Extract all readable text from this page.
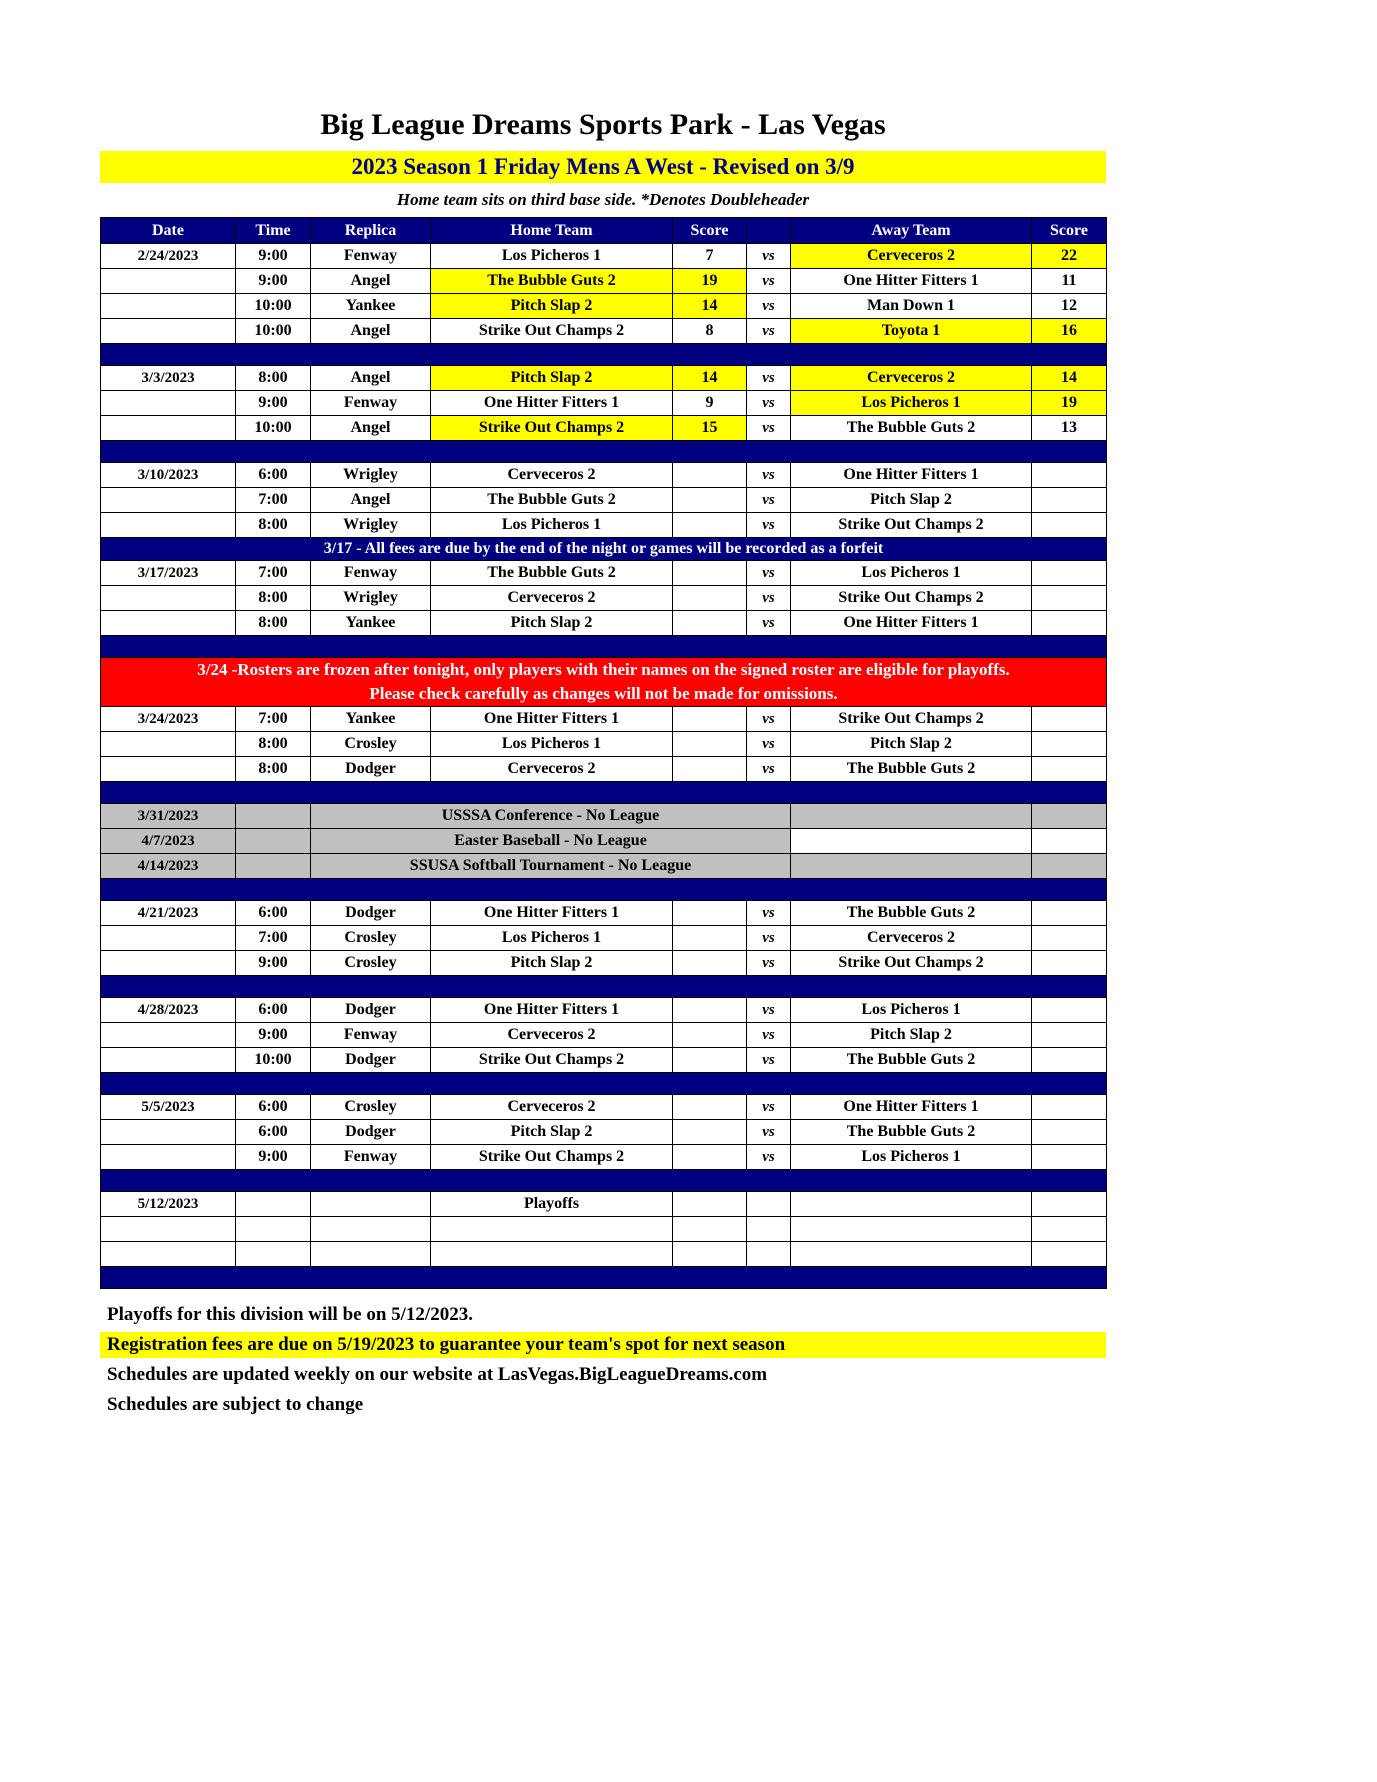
Big League Dreams Sports Park - Las Vegas
2023 Season 1 Friday Mens A West - Revised on 3/9
Home team sits on third base side. *Denotes Doubleheader
Date	Time	Replica	Home Team	Score		Away Team	Score
2/24/2023	9:00	Fenway	Los Picheros 1	7	vs	Cerveceros 2	22
	9:00	Angel	The Bubble Guts 2	19	vs	One Hitter Fitters 1	11
	10:00	Yankee	Pitch Slap 2	14	vs	Man Down 1	12
	10:00	Angel	Strike Out Champs 2	8	vs	Toyota 1	16

3/3/2023	8:00	Angel	Pitch Slap 2	14	vs	Cerveceros 2	14
	9:00	Fenway	One Hitter Fitters 1	9	vs	Los Picheros 1	19
	10:00	Angel	Strike Out Champs 2	15	vs	The Bubble Guts 2	13

3/10/2023	6:00	Wrigley	Cerveceros 2		vs	One Hitter Fitters 1	
	7:00	Angel	The Bubble Guts 2		vs	Pitch Slap 2	
	8:00	Wrigley	Los Picheros 1		vs	Strike Out Champs 2	
3/17 - All fees are due by the end of the night or games will be recorded as a forfeit							
3/17/2023	7:00	Fenway	The Bubble Guts 2		vs	Los Picheros 1	
	8:00	Wrigley	Cerveceros 2		vs	Strike Out Champs 2	
	8:00	Yankee	Pitch Slap 2		vs	One Hitter Fitters 1	

3/24 -Rosters are frozen after tonight, only players with their names on the signed roster are eligible for playoffs.
Please check carefully as changes will not be made for omissions.							

3/24/2023	7:00	Yankee	One Hitter Fitters 1		vs	Strike Out Champs 2	
	8:00	Crosley	Los Picheros 1		vs	Pitch Slap 2	
	8:00	Dodger	Cerveceros 2		vs	The Bubble Guts 2	

3/31/2023		USSSA Conference - No League					
4/7/2023		Easter Baseball - No League					
4/14/2023		SSUSA Softball Tournament - No League					

4/21/2023	6:00	Dodger	One Hitter Fitters 1		vs	The Bubble Guts 2	
	7:00	Crosley	Los Picheros 1		vs	Cerveceros 2	
	9:00	Crosley	Pitch Slap 2		vs	Strike Out Champs 2	

4/28/2023	6:00	Dodger	One Hitter Fitters 1		vs	Los Picheros 1	
	9:00	Fenway	Cerveceros 2		vs	Pitch Slap 2	
	10:00	Dodger	Strike Out Champs 2		vs	The Bubble Guts 2	

5/5/2023	6:00	Crosley	Cerveceros 2		vs	One Hitter Fitters 1	
	6:00	Dodger	Pitch Slap 2		vs	The Bubble Guts 2	
	9:00	Fenway	Strike Out Champs 2		vs	Los Picheros 1	

5/12/2023			Playoffs				

Playoffs for this division will be on 5/12/2023.
Registration fees are due on 5/19/2023 to guarantee your team's spot for next season
Schedules are updated weekly on our website at LasVegas.BigLeagueDreams.com
Schedules are subject to change
